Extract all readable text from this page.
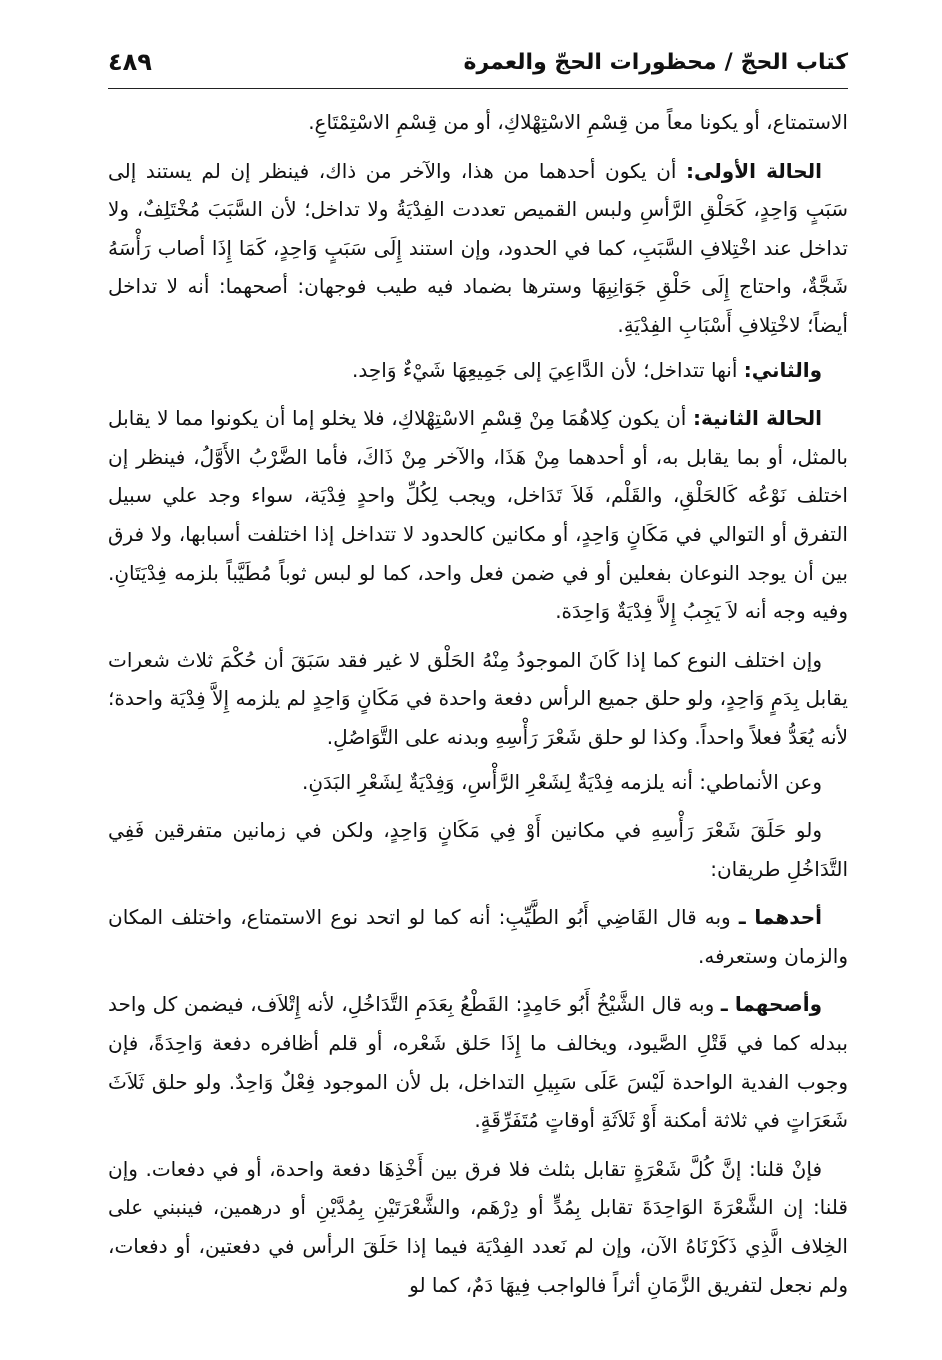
كتاب الحجّ/محظورات الحجّ والعمرة
٤٨٩

الاستمتاع، أو يكونا معاً من قِسْمِ الاسْتِهْلاكِ، أو من قِسْمِ الاسْتِمْتَاعِ.

الحالة الأولى: أن يكون أحدهما من هذا، والآخر من ذاك، فينظر إن لم يستند إلى سَبَبٍ وَاحِدٍ، كَحَلْقِ الرَّأسِ ولبس القميص تعددت الفِدْيَةُ ولا تداخل؛ لأن السَّبَبَ مُخْتَلِفٌ، ولا تداخل عند اخْتِلافِ السَّبَبِ، كما في الحدود، وإن استند إِلَى سَبَبٍ وَاحِدٍ، كَمَا إِذَا أصاب رَأْسَهُ شَجَّةٌ، واحتاج إِلَى حَلْقِ جَوَانِبِهَا وسترها بضماد فيه طيب فوجهان: أصحهما: أنه لا تداخل أيضاً؛ لاخْتِلافِ أَسْبَابِ الفِدْيَةِ.

والثاني: أنها تتداخل؛ لأن الدَّاعِيَ إلى جَمِيعِهَا شَيْءٌ وَاحِد.

الحالة الثانية: أن يكون كِلاهُمَا مِنْ قِسْمِ الاسْتِهْلاكِ، فلا يخلو إما أن يكونوا مما لا يقابل بالمثل، أو بما يقابل به، أو أحدهما مِنْ هَذَا، والآخر مِنْ ذَاكَ، فأما الضَّرْبُ الأَوَّلُ، فينظر إن اختلف نَوْعُه كَالحَلْقِ، والقَلْم، فَلاَ تَدَاخل، ويجب لِكُلِّ واحدٍ فِدْيَة، سواء وجد علي سبيل التفرق أو التوالي في مَكَانٍ وَاحِدٍ، أو مكانين كالحدود لا تتداخل إذا اختلفت أسبابها، ولا فرق بين أن يوجد النوعان بفعلين أو في ضمن فعل واحد، كما لو لبس ثوباً مُطَيَّباً بلزمه فِدْيَتَانِ. وفيه وجه أنه لاَ يَجِبُ إِلاَّ فِدْيَةٌ وَاحِدَة.

وإن اختلف النوع كما إذا كَانَ الموجودُ مِنْهُ الحَلْق لا غير فقد سَبَقَ أن حُكْمَ ثلاث شعرات يقابل بِدَمٍ وَاحِدٍ، ولو حلق جميع الرأس دفعة واحدة في مَكَانٍ وَاحِدٍ لم يلزمه إِلاَّ فِدْيَة واحدة؛ لأنه يُعَدُّ فعلاً واحداً. وكذا لو حلق شَعْرَ رَأْسِهِ وبدنه على التَّوَاصُلِ.

وعن الأنماطي: أنه يلزمه فِدْيَةٌ لِشَعْرِ الرَّأْسِ، وَفِدْيَةٌ لِشَعْرِ البَدَنِ.

ولو حَلَقَ شَعْرَ رَأْسِهِ في مكانين أَوْ فِي مَكَانٍ وَاحِدٍ، ولكن في زمانين متفرقين فَفِي التَّدَاخُلِ طريقان:

أحدهما ـ وبه قال القَاضِي أَبُو الطَّيِّبِ: أنه كما لو اتحد نوع الاستمتاع، واختلف المكان والزمان وستعرفه.

وأصحهما ـ وبه قال الشَّيْخُ أَبُو حَامِدٍ: القَطْعُ بِعَدَمِ التَّدَاخُلِ، لأنه إِتْلاَف، فيضمن كل واحد ببدله كما في قَتْلِ الصَّيود، ويخالف ما إِذَا حَلق شَعْره، أو قلم أظافره دفعة وَاحِدَةً، فإن وجوب الفدية الواحدة لَيْسَ عَلَى سَبِيلِ التداخل، بل لأن الموجود فِعْلٌ وَاحِدٌ. ولو حلق ثَلاَثَ شَعَرَاتٍ في ثلاثة أمكنة أَوْ ثَلاَثَةِ أوقاتٍ مُتَفَرِّقَةٍ.

فإنْ قلنا: إنَّ كُلَّ شَعْرَةٍ تقابل بثلث فلا فرق بين أَخْذِهَا دفعة واحدة، أو في دفعات. وإن قلنا: إن الشَّعْرَةَ الوَاحِدَةَ تقابل بِمُدٍّ أو دِرْهَم، والشَّعْرَتَيْنِ بِمُدَّيْنِ أو درهمين، فينبني على الخِلاف الَّذِي ذَكَرْنَاهُ الآن، وإن لم نَعدد الفِدْيَة فيما إذا حَلَقَ الرأس في دفعتين، أو دفعات، ولم نجعل لتفريق الزَّمَانِ أثراً فالواجب فِيهَا دَمٌ، كما لو
